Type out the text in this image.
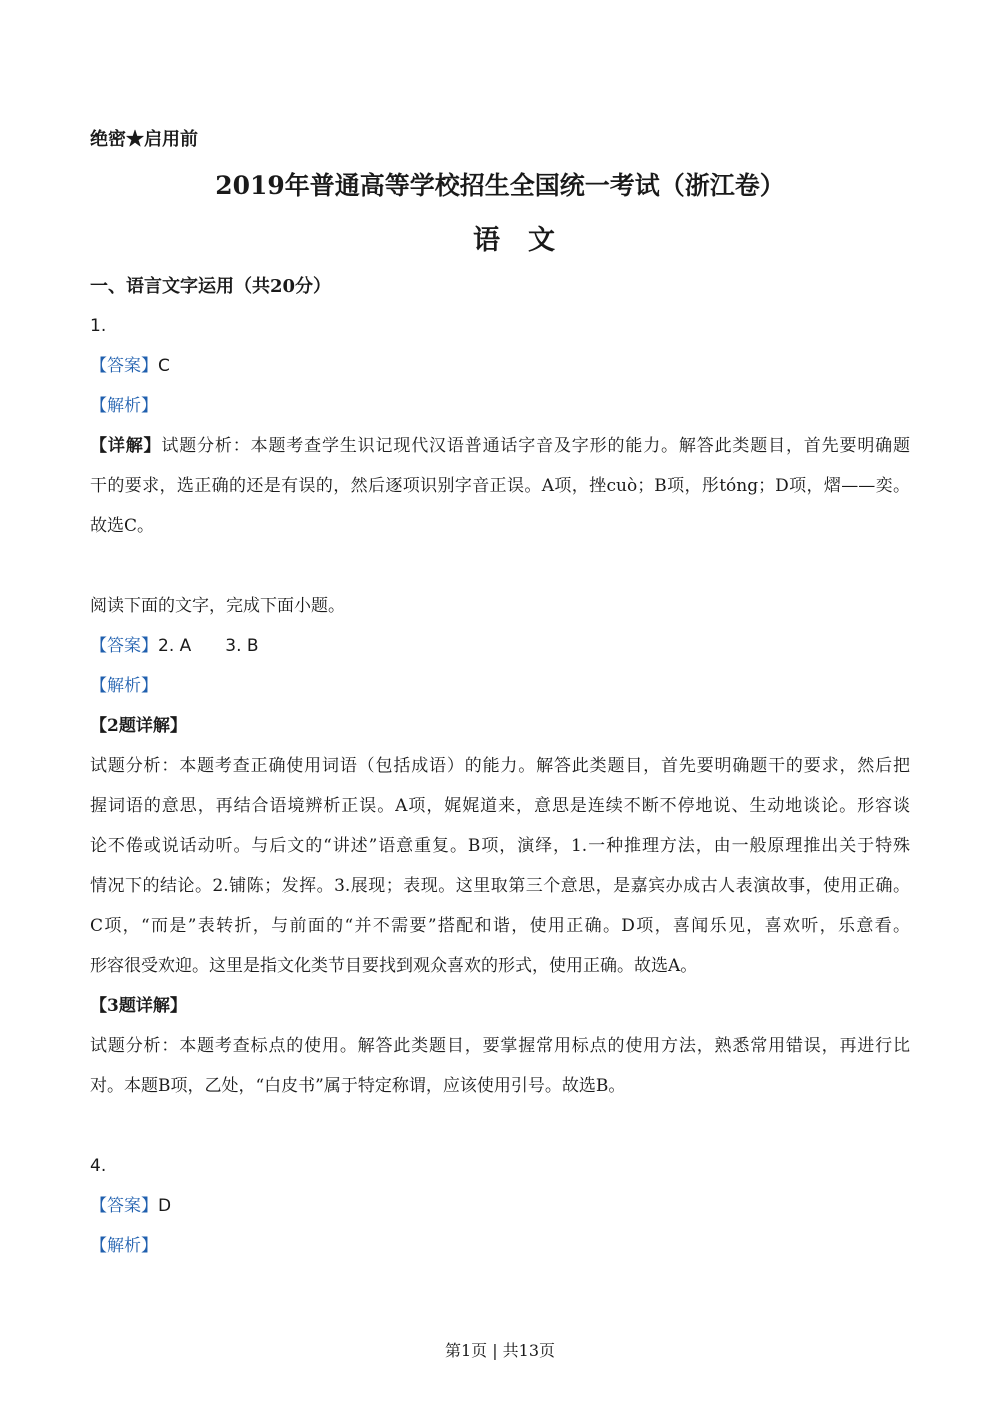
绝密★启用前
2019年普通高等学校招生全国统一考试（浙江卷）
语文
一、语言文字运用（共20分）
1.
【答案】C
【解析】
【详解】试题分析：本题考查学生识记现代汉语普通话字音及字形的能力。解答此类题目，首先要明确题
干的要求，选正确的还是有误的，然后逐项识别字音正误。A项，挫cuò；B项，彤tóng；D项，熠——奕。
故选C。
阅读下面的文字，完成下面小题。
【答案】2. A 3. B
【解析】
【2题详解】
试题分析：本题考查正确使用词语（包括成语）的能力。解答此类题目，首先要明确题干的要求，然后把
握词语的意思，再结合语境辨析正误。A项，娓娓道来，意思是连续不断不停地说、生动地谈论。形容谈
论不倦或说话动听。与后文的“讲述”语意重复。B项，演绎，1.一种推理方法，由一般原理推出关于特殊
情况下的结论。2.铺陈；发挥。3.展现；表现。这里取第三个意思，是嘉宾办成古人表演故事，使用正确。
C项，“而是”表转折，与前面的“并不需要”搭配和谐，使用正确。D项，喜闻乐见，喜欢听，乐意看。
形容很受欢迎。这里是指文化类节目要找到观众喜欢的形式，使用正确。故选A。
【3题详解】
试题分析：本题考查标点的使用。解答此类题目，要掌握常用标点的使用方法，熟悉常用错误，再进行比
对。本题B项，乙处，“白皮书”属于特定称谓，应该使用引号。故选B。
4.
【答案】D
【解析】
第1页 | 共13页
